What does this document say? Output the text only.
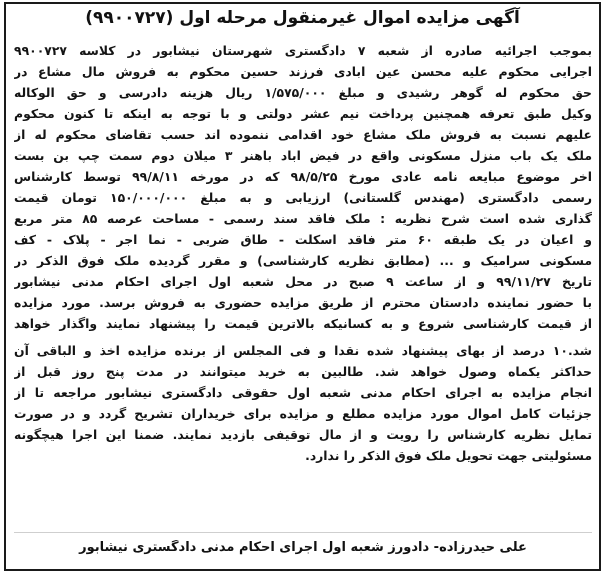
آگهی مزایده اموال غیرمنقول مرحله اول (۹۹۰۰۷۲۷)
بموجب اجرائیه صادره از شعبه ۷ دادگستری شهرستان نیشابور در کلاسه ۹۹۰۰۷۲۷
اجرایی محکوم علیه محسن عین ابادی فرزند حسین محکوم به فروش مال مشاع در
حق محکوم له گوهر رشیدی و مبلغ ۱/۵۷۵/۰۰۰ ریال هزینه دادرسی و حق الوکاله
وکیل طبق تعرفه همچنین پرداخت نیم عشر دولتی و با توجه به اینکه تا کنون محکوم
علیهم نسبت به فروش ملک مشاع خود اقدامی ننموده اند حسب تقاضای محکوم له از
ملک یک باب منزل مسکونی واقع در فیض اباد باهنر ۳ میلان دوم سمت چپ بن بست
اخر موضوع مبایعه نامه عادی مورخ ۹۸/۵/۲۵ که در مورخه ۹۹/۸/۱۱ توسط کارشناس
رسمی دادگستری (مهندس گلستانی) ارزیابی و به مبلغ ۱۵۰/۰۰۰/۰۰۰ تومان قیمت
گذاری شده است شرح نظریه : ملک فاقد سند رسمی - مساحت عرصه ۸۵ متر مربع
و اعیان در یک طبقه ۶۰ متر فاقد اسکلت - طاق ضربی - نما اجر - پلاک - کف
مسکونی سرامیک و ... (مطابق نظریه کارشناسی) و مقرر گردیده ملک فوق الذکر در
تاریخ ۹۹/۱۱/۲۷ و از ساعت ۹ صبح در محل شعبه اول اجرای احکام مدنی نیشابور
با حضور نماینده دادستان محترم از طریق مزایده حضوری به فروش برسد. مورد مزایده
از قیمت کارشناسی شروع و به کسانیکه بالاترین قیمت را پیشنهاد نمایند واگذار خواهد
شد.۱۰ درصد از بهای پیشنهاد شده نقدا و فی المجلس از برنده مزایده اخذ و الباقی آن
حداکثر یکماه وصول خواهد شد. طالبین به خرید میتوانند در مدت پنج روز قبل از
انجام مزایده به اجرای احکام مدنی شعبه اول حقوقی دادگستری نیشابور مراجعه تا از
جزئیات کامل اموال مورد مزایده مطلع و مزایده برای خریداران تشریح گردد و در صورت
تمایل نظریه کارشناس را رویت و از مال توقیفی بازدید نمایند. ضمنا این اجرا هیچگونه
مسئولیتی جهت تحویل ملک فوق الذکر را ندارد.
علی حیدرزاده- دادورز شعبه اول اجرای احکام مدنی دادگستری نیشابور
